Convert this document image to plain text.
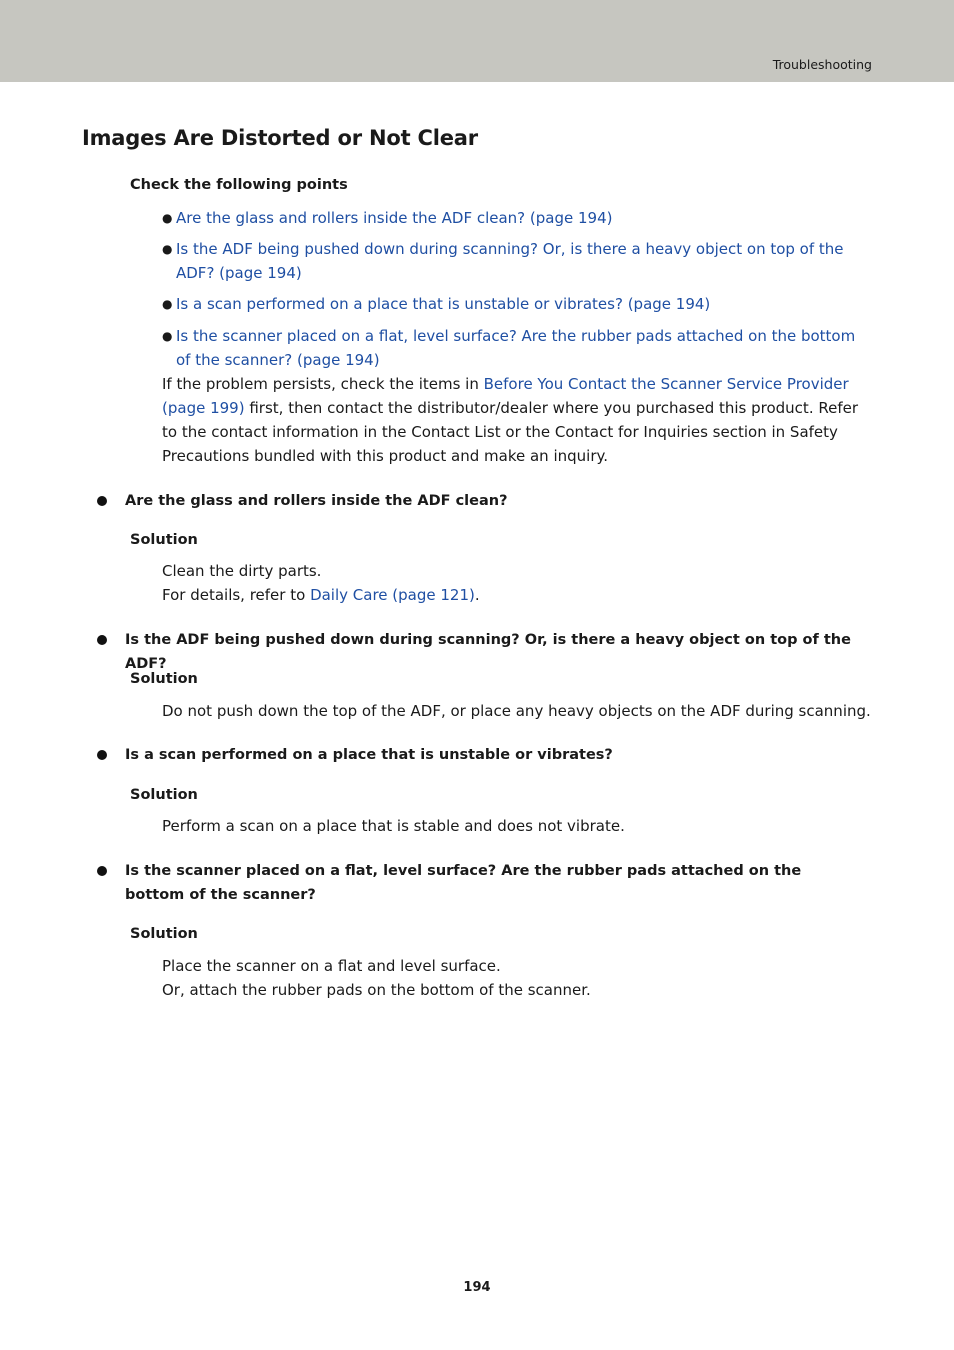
Troubleshooting
Images Are Distorted or Not Clear
Check the following points
● Are the glass and rollers inside the ADF clean? (page 194)
● Is the ADF being pushed down during scanning? Or, is there a heavy object on top of the ADF? (page 194)
● Is a scan performed on a place that is unstable or vibrates? (page 194)
● Is the scanner placed on a flat, level surface? Are the rubber pads attached on the bottom of the scanner? (page 194)
If the problem persists, check the items in Before You Contact the Scanner Service Provider (page 199) first, then contact the distributor/dealer where you purchased this product. Refer to the contact information in the Contact List or the Contact for Inquiries section in Safety Precautions bundled with this product and make an inquiry.
Are the glass and rollers inside the ADF clean?
Solution
Clean the dirty parts.
For details, refer to Daily Care (page 121).
Is the ADF being pushed down during scanning? Or, is there a heavy object on top of the ADF?
Solution
Do not push down the top of the ADF, or place any heavy objects on the ADF during scanning.
Is a scan performed on a place that is unstable or vibrates?
Solution
Perform a scan on a place that is stable and does not vibrate.
Is the scanner placed on a flat, level surface? Are the rubber pads attached on the bottom of the scanner?
Solution
Place the scanner on a flat and level surface.
Or, attach the rubber pads on the bottom of the scanner.
194
